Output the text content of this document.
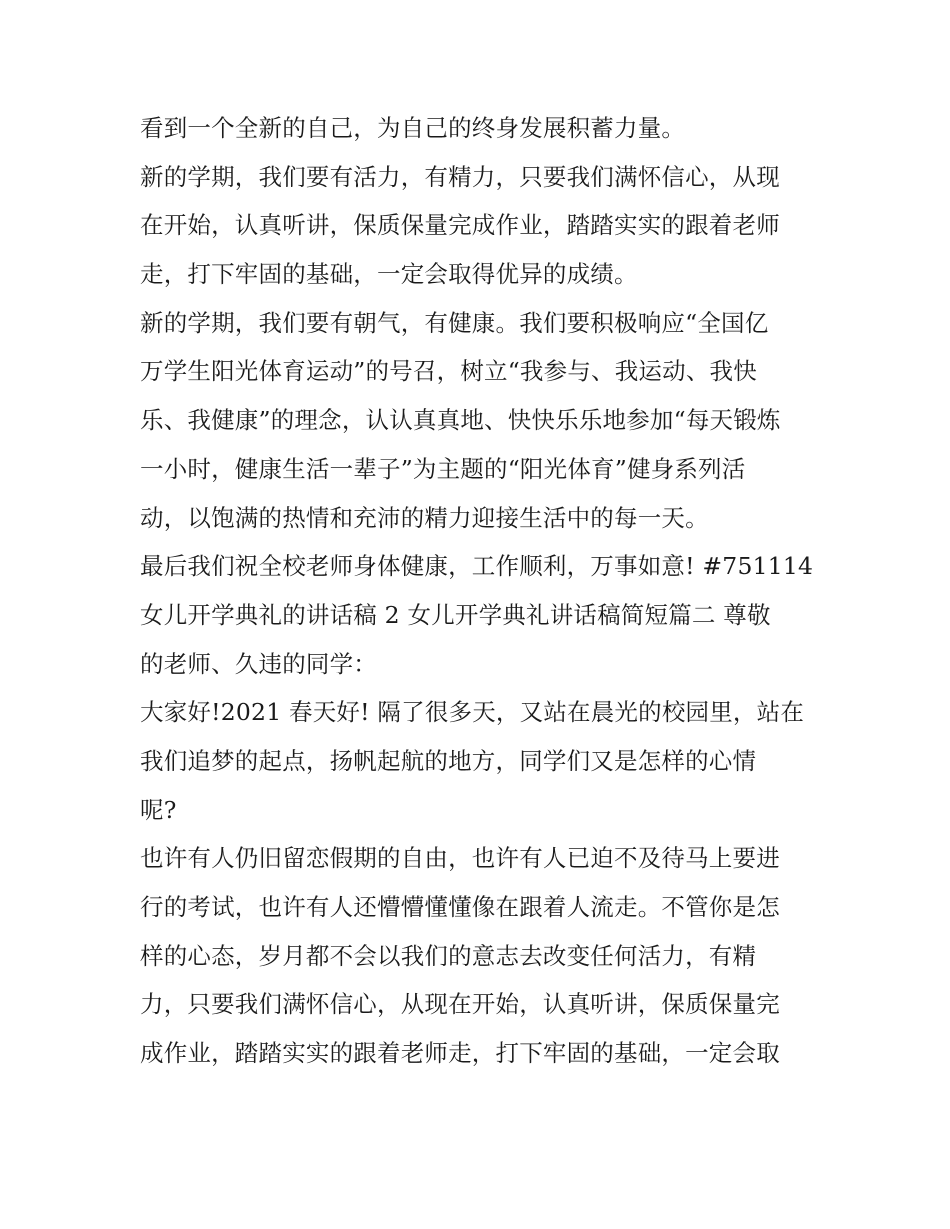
看到一个全新的自己，为自己的终身发展积蓄力量。
新的学期，我们要有活力，有精力，只要我们满怀信心，从现
在开始，认真听讲，保质保量完成作业，踏踏实实的跟着老师
走，打下牢固的基础，一定会取得优异的成绩。
新的学期，我们要有朝气，有健康。我们要积极响应“全国亿
万学生阳光体育运动”的号召，树立“我参与、我运动、我快
乐、我健康”的理念，认认真真地、快快乐乐地参加“每天锻炼
一小时，健康生活一辈子”为主题的“阳光体育”健身系列活
动，以饱满的热情和充沛的精力迎接生活中的每一天。
最后我们祝全校老师身体健康，工作顺利，万事如意! #751114
女儿开学典礼的讲话稿 2 女儿开学典礼讲话稿简短篇二 尊敬
的老师、久违的同学：
大家好!2021 春天好! 隔了很多天，又站在晨光的校园里，站在
我们追梦的起点，扬帆起航的地方，同学们又是怎样的心情
呢?
也许有人仍旧留恋假期的自由，也许有人已迫不及待马上要进
行的考试，也许有人还懵懵懂懂像在跟着人流走。不管你是怎
样的心态，岁月都不会以我们的意志去改变任何活力，有精
力，只要我们满怀信心，从现在开始，认真听讲，保质保量完
成作业，踏踏实实的跟着老师走，打下牢固的基础，一定会取
